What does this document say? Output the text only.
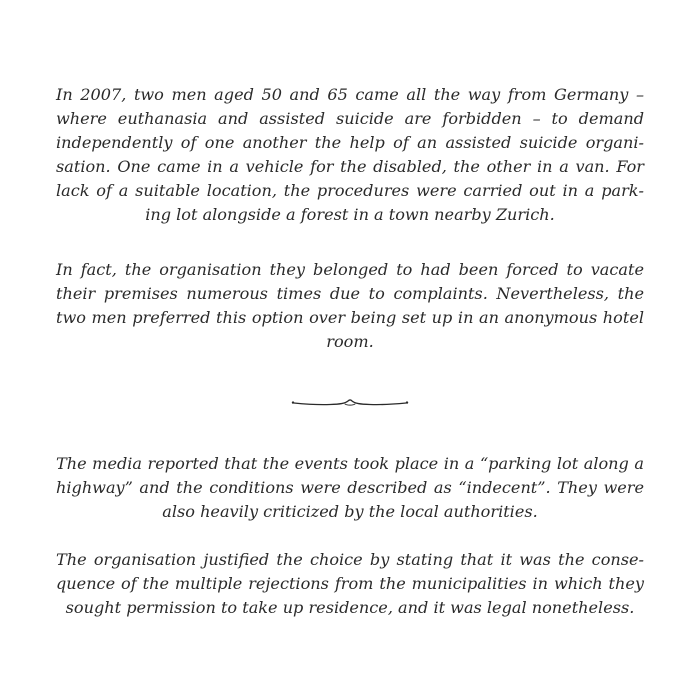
In 2007, two men aged 50 and 65 came all the way from Germany – where euthanasia and assisted suicide are forbidden – to demand independently of one another the help of an assisted suicide organisation. One came in a vehicle for the disabled, the other in a van. For lack of a suitable location, the procedures were carried out in a parking lot alongside a forest in a town nearby Zurich.

In fact, the organisation they belonged to had been forced to vacate their premises numerous times due to complaints. Nevertheless, the two men preferred this option over being set up in an anonymous hotel room.

The media reported that the events took place in a “parking lot along a highway” and the conditions were described as “indecent”. They were also heavily criticized by the local authorities.

The organisation justified the choice by stating that it was the consequence of the multiple rejections from the municipalities in which they sought permission to take up residence, and it was legal nonetheless.
